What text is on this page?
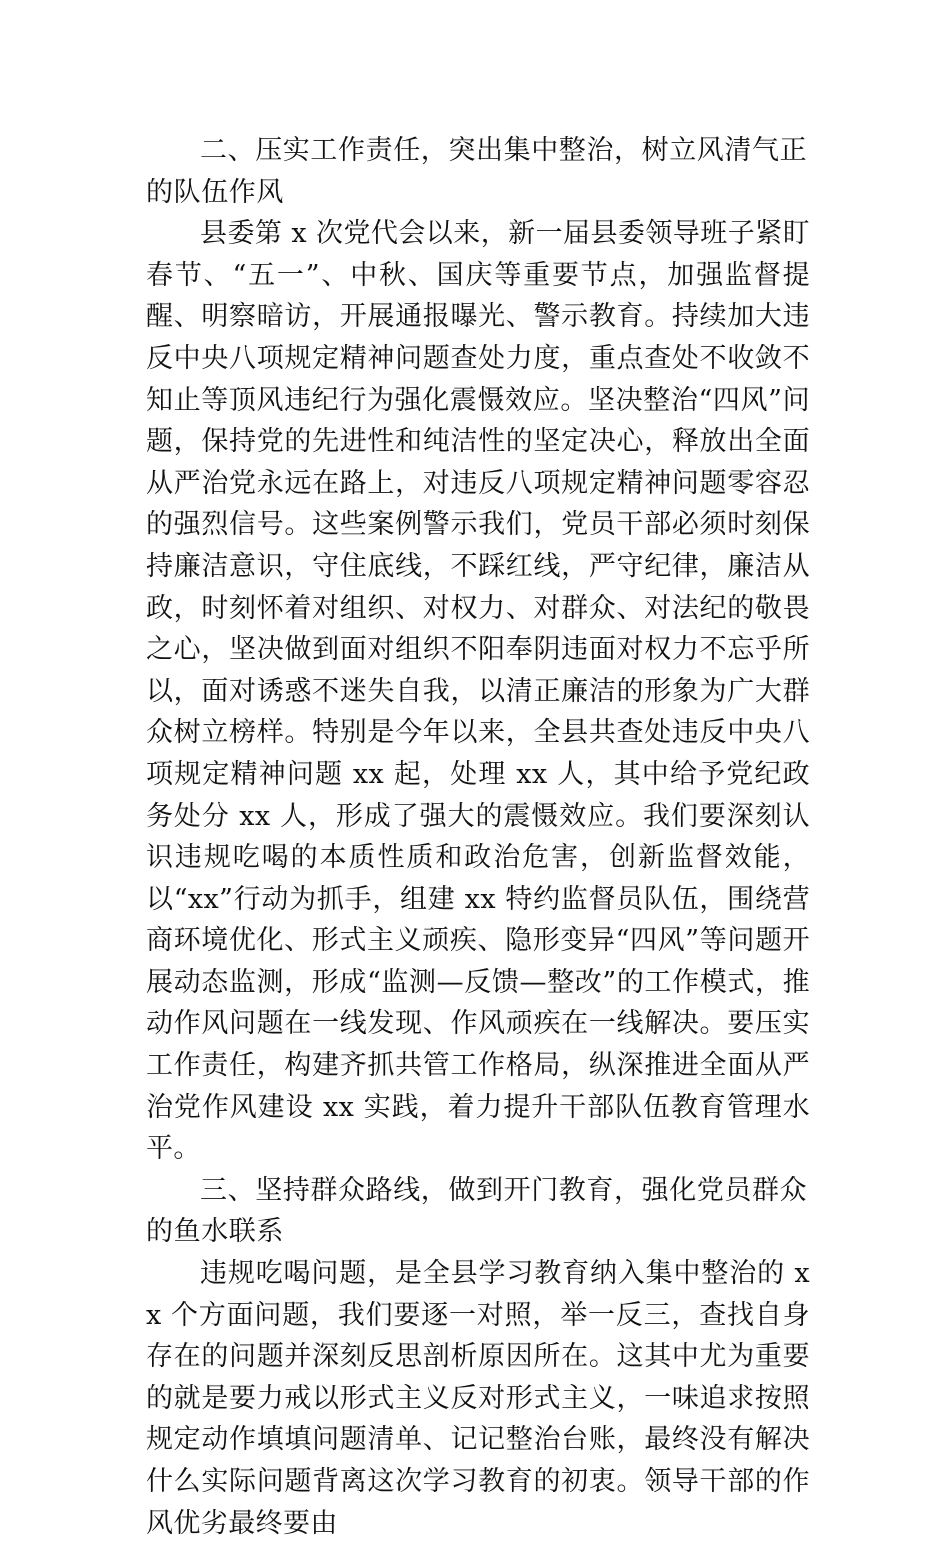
二、压实工作责任，突出集中整治，树立风清气正的队伍作风

县委第 x 次党代会以来，新一届县委领导班子紧盯春节、“五一”、中秋、国庆等重要节点，加强监督提醒、明察暗访，开展通报曝光、警示教育。持续加大违反中央八项规定精神问题查处力度，重点查处不收敛不知止等顶风违纪行为强化震慑效应。坚决整治“四风”问题，保持党的先进性和纯洁性的坚定决心，释放出全面从严治党永远在路上，对违反八项规定精神问题零容忍的强烈信号。这些案例警示我们，党员干部必须时刻保持廉洁意识，守住底线，不踩红线，严守纪律，廉洁从政，时刻怀着对组织、对权力、对群众、对法纪的敬畏之心，坚决做到面对组织不阳奉阴违面对权力不忘乎所以，面对诱惑不迷失自我，以清正廉洁的形象为广大群众树立榜样。特别是今年以来，全县共查处违反中央八项规定精神问题 xx 起，处理 xx 人，其中给予党纪政务处分 xx 人，形成了强大的震慑效应。我们要深刻认识违规吃喝的本质性质和政治危害，创新监督效能，以“xx”行动为抓手，组建 xx 特约监督员队伍，围绕营商环境优化、形式主义顽疾、隐形变异“四风”等问题开展动态监测，形成“监测—反馈—整改”的工作模式，推动作风问题在一线发现、作风顽疾在一线解决。要压实工作责任，构建齐抓共管工作格局，纵深推进全面从严治党作风建设 xx 实践，着力提升干部队伍教育管理水平。

三、坚持群众路线，做到开门教育，强化党员群众的鱼水联系

违规吃喝问题，是全县学习教育纳入集中整治的 xx 个方面问题，我们要逐一对照，举一反三，查找自身存在的问题并深刻反思剖析原因所在。这其中尤为重要的就是要力戒以形式主义反对形式主义，一味追求按照规定动作填填问题清单、记记整治台账，最终没有解决什么实际问题背离这次学习教育的初衷。领导干部的作风优劣最终要由
